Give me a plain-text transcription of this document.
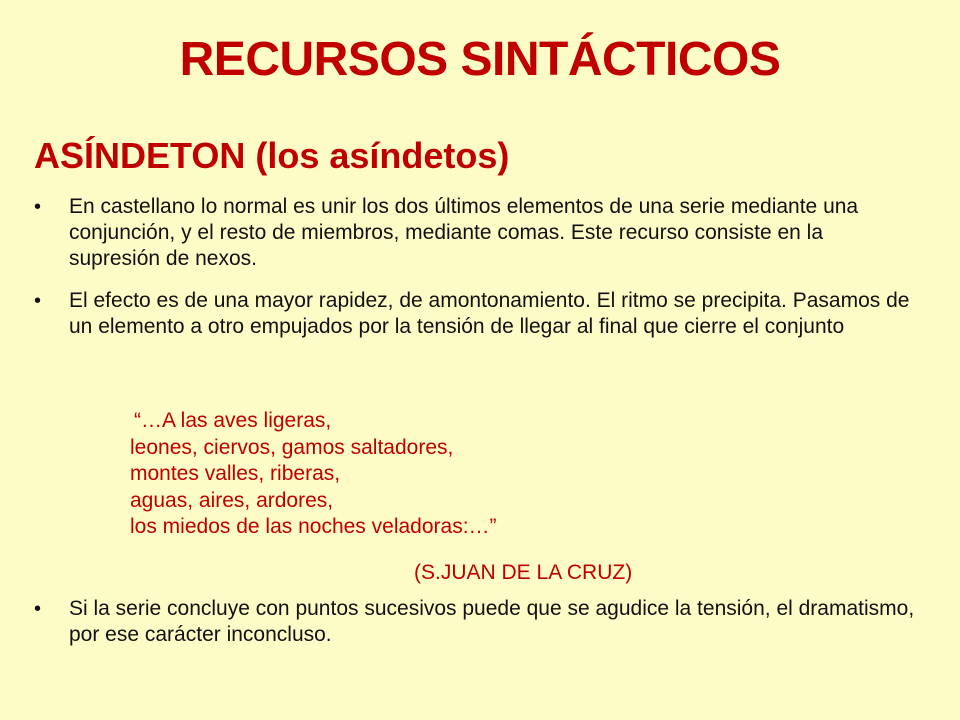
RECURSOS SINTÁCTICOS
ASÍNDETON (los asíndetos)
•	En castellano lo normal es unir los dos últimos elementos de una serie mediante una conjunción, y el resto de miembros, mediante comas. Este recurso consiste en la supresión de nexos.
•	El efecto es de una mayor rapidez, de amontonamiento. El ritmo se precipita. Pasamos de un elemento a otro empujados por la tensión de llegar al final que cierre el conjunto
“…A las aves ligeras,
leones, ciervos, gamos saltadores,
montes valles, riberas,
aguas, aires, ardores,
los miedos de las noches veladoras:…”
(S.JUAN DE LA CRUZ)
•	Si la serie concluye con puntos sucesivos puede que se agudice la tensión, el dramatismo, por ese carácter inconcluso.
